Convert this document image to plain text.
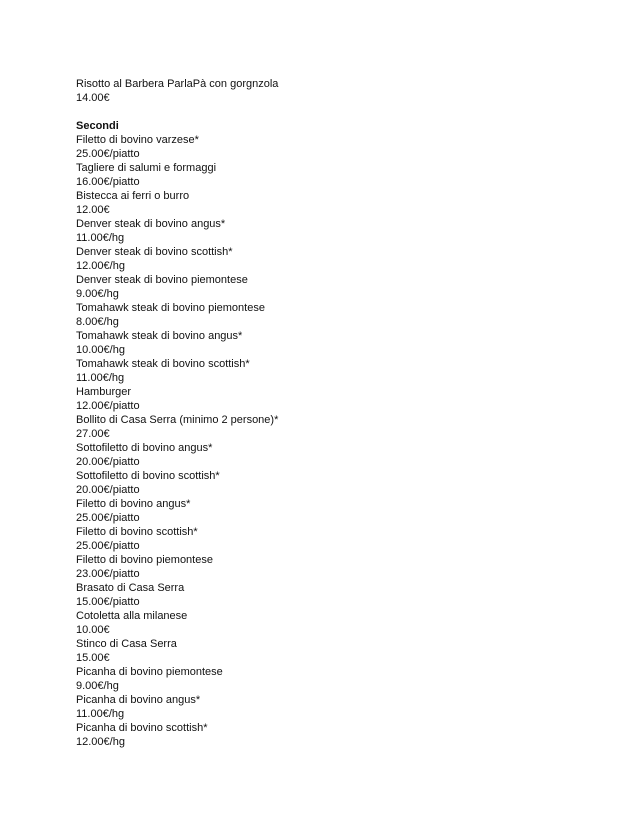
Risotto al Barbera ParlaPà con gorgnzola
14.00€
Secondi
Filetto di bovino varzese*
25.00€/piatto
Tagliere di salumi e formaggi
16.00€/piatto
Bistecca ai ferri o burro
12.00€
Denver steak di bovino angus*
11.00€/hg
Denver steak di bovino scottish*
12.00€/hg
Denver steak di bovino piemontese
9.00€/hg
Tomahawk steak di bovino piemontese
8.00€/hg
Tomahawk steak di bovino angus*
10.00€/hg
Tomahawk steak di bovino scottish*
11.00€/hg
Hamburger
12.00€/piatto
Bollito di Casa Serra (minimo 2 persone)*
27.00€
Sottofiletto di bovino angus*
20.00€/piatto
Sottofiletto di bovino scottish*
20.00€/piatto
Filetto di bovino angus*
25.00€/piatto
Filetto di bovino scottish*
25.00€/piatto
Filetto di bovino piemontese
23.00€/piatto
Brasato di Casa Serra
15.00€/piatto
Cotoletta alla milanese
10.00€
Stinco di Casa Serra
15.00€
Picanha di bovino piemontese
9.00€/hg
Picanha di bovino angus*
11.00€/hg
Picanha di bovino scottish*
12.00€/hg
